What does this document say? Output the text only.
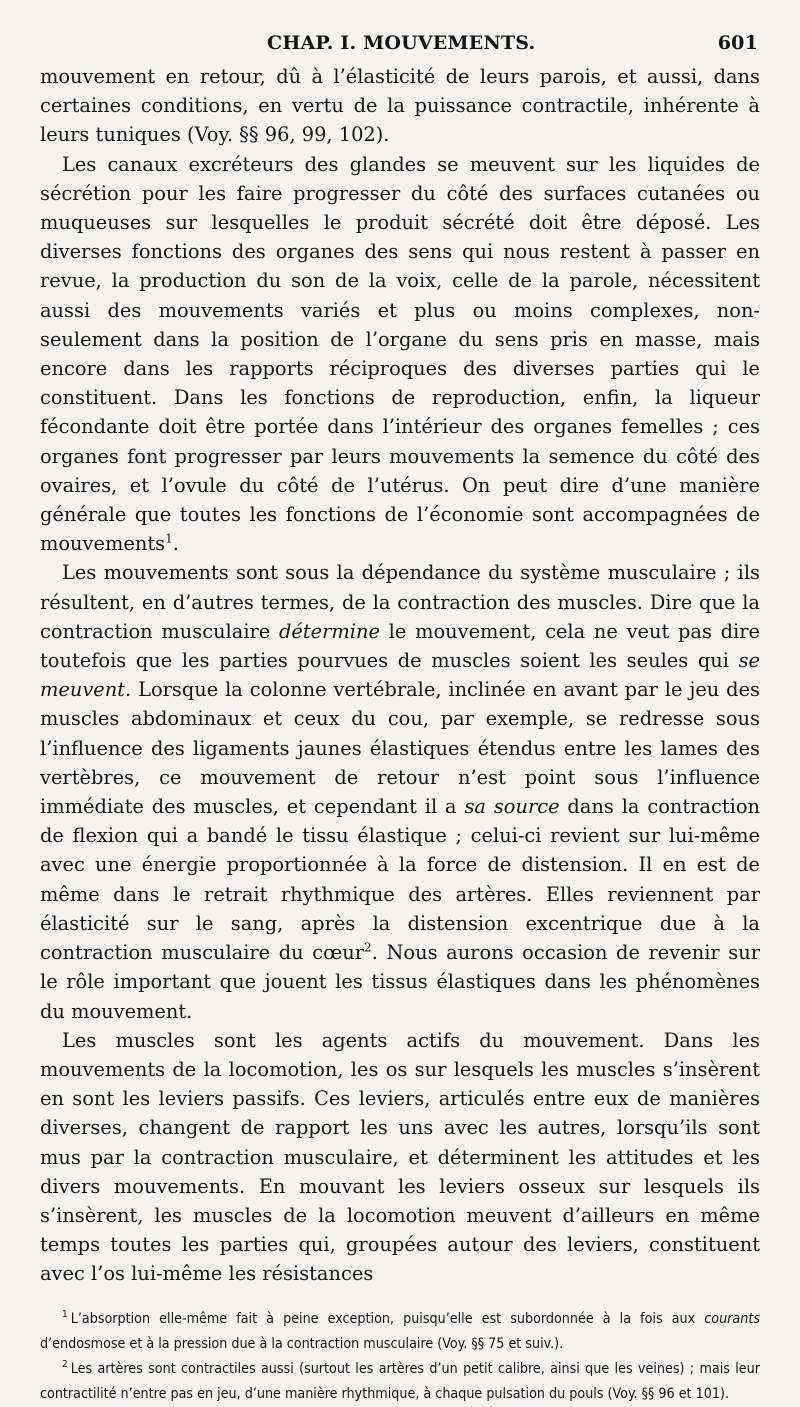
CHAP. I. MOUVEMENTS.	601

mouvement en retour, dû à l’élasticité de leurs parois, et aussi, dans certaines conditions, en vertu de la puissance contractile, inhérente à leurs tuniques (Voy. §§ 96, 99, 102).

Les canaux excréteurs des glandes se meuvent sur les liquides de sécrétion pour les faire progresser du côté des surfaces cutanées ou muqueuses sur lesquelles le produit sécrété doit être déposé. Les diverses fonctions des organes des sens qui nous restent à passer en revue, la production du son de la voix, celle de la parole, nécessitent aussi des mouvements variés et plus ou moins complexes, non-seulement dans la position de l’organe du sens pris en masse, mais encore dans les rapports réciproques des diverses parties qui le constituent. Dans les fonctions de reproduction, enfin, la liqueur fécondante doit être portée dans l’intérieur des organes femelles ; ces organes font progresser par leurs mouvements la semence du côté des ovaires, et l’ovule du côté de l’utérus. On peut dire d’une manière générale que toutes les fonctions de l’économie sont accompagnées de mouvements$^1$.

Les mouvements sont sous la dépendance du système musculaire ; ils résultent, en d’autres termes, de la contraction des muscles. Dire que la contraction musculaire détermine le mouvement, cela ne veut pas dire toutefois que les parties pourvues de muscles soient les seules qui se meuvent. Lorsque la colonne vertébrale, inclinée en avant par le jeu des muscles abdominaux et ceux du cou, par exemple, se redresse sous l’influence des ligaments jaunes élastiques étendus entre les lames des vertèbres, ce mouvement de retour n’est point sous l’influence immédiate des muscles, et cependant il a sa source dans la contraction de flexion qui a bandé le tissu élastique ; celui-ci revient sur lui-même avec une énergie proportionnée à la force de distension. Il en est de même dans le retrait rhythmique des artères. Elles reviennent par élasticité sur le sang, après la distension excentrique due à la contraction musculaire du cœur$^2$. Nous aurons occasion de revenir sur le rôle important que jouent les tissus élastiques dans les phénomènes du mouvement.

Les muscles sont les agents actifs du mouvement. Dans les mouvements de la locomotion, les os sur lesquels les muscles s’insèrent en sont les leviers passifs. Ces leviers, articulés entre eux de manières diverses, changent de rapport les uns avec les autres, lorsqu’ils sont mus par la contraction musculaire, et déterminent les attitudes et les divers mouvements. En mouvant les leviers osseux sur lesquels ils s’insèrent, les muscles de la locomotion meuvent d’ailleurs en même temps toutes les parties qui, groupées autour des leviers, constituent avec l’os lui-même les résistances

$^1$ L’absorption elle-même fait à peine exception, puisqu’elle est subordonnée à la fois aux courants d’endosmose et à la pression due à la contraction musculaire (Voy. §§ 75 et suiv.).

$^2$ Les artères sont contractiles aussi (surtout les artères d’un petit calibre, ainsi que les veines) ; mais leur contractilité n’entre pas en jeu, d’une manière rhythmique, à chaque pulsation du pouls (Voy. §§ 96 et 101).
